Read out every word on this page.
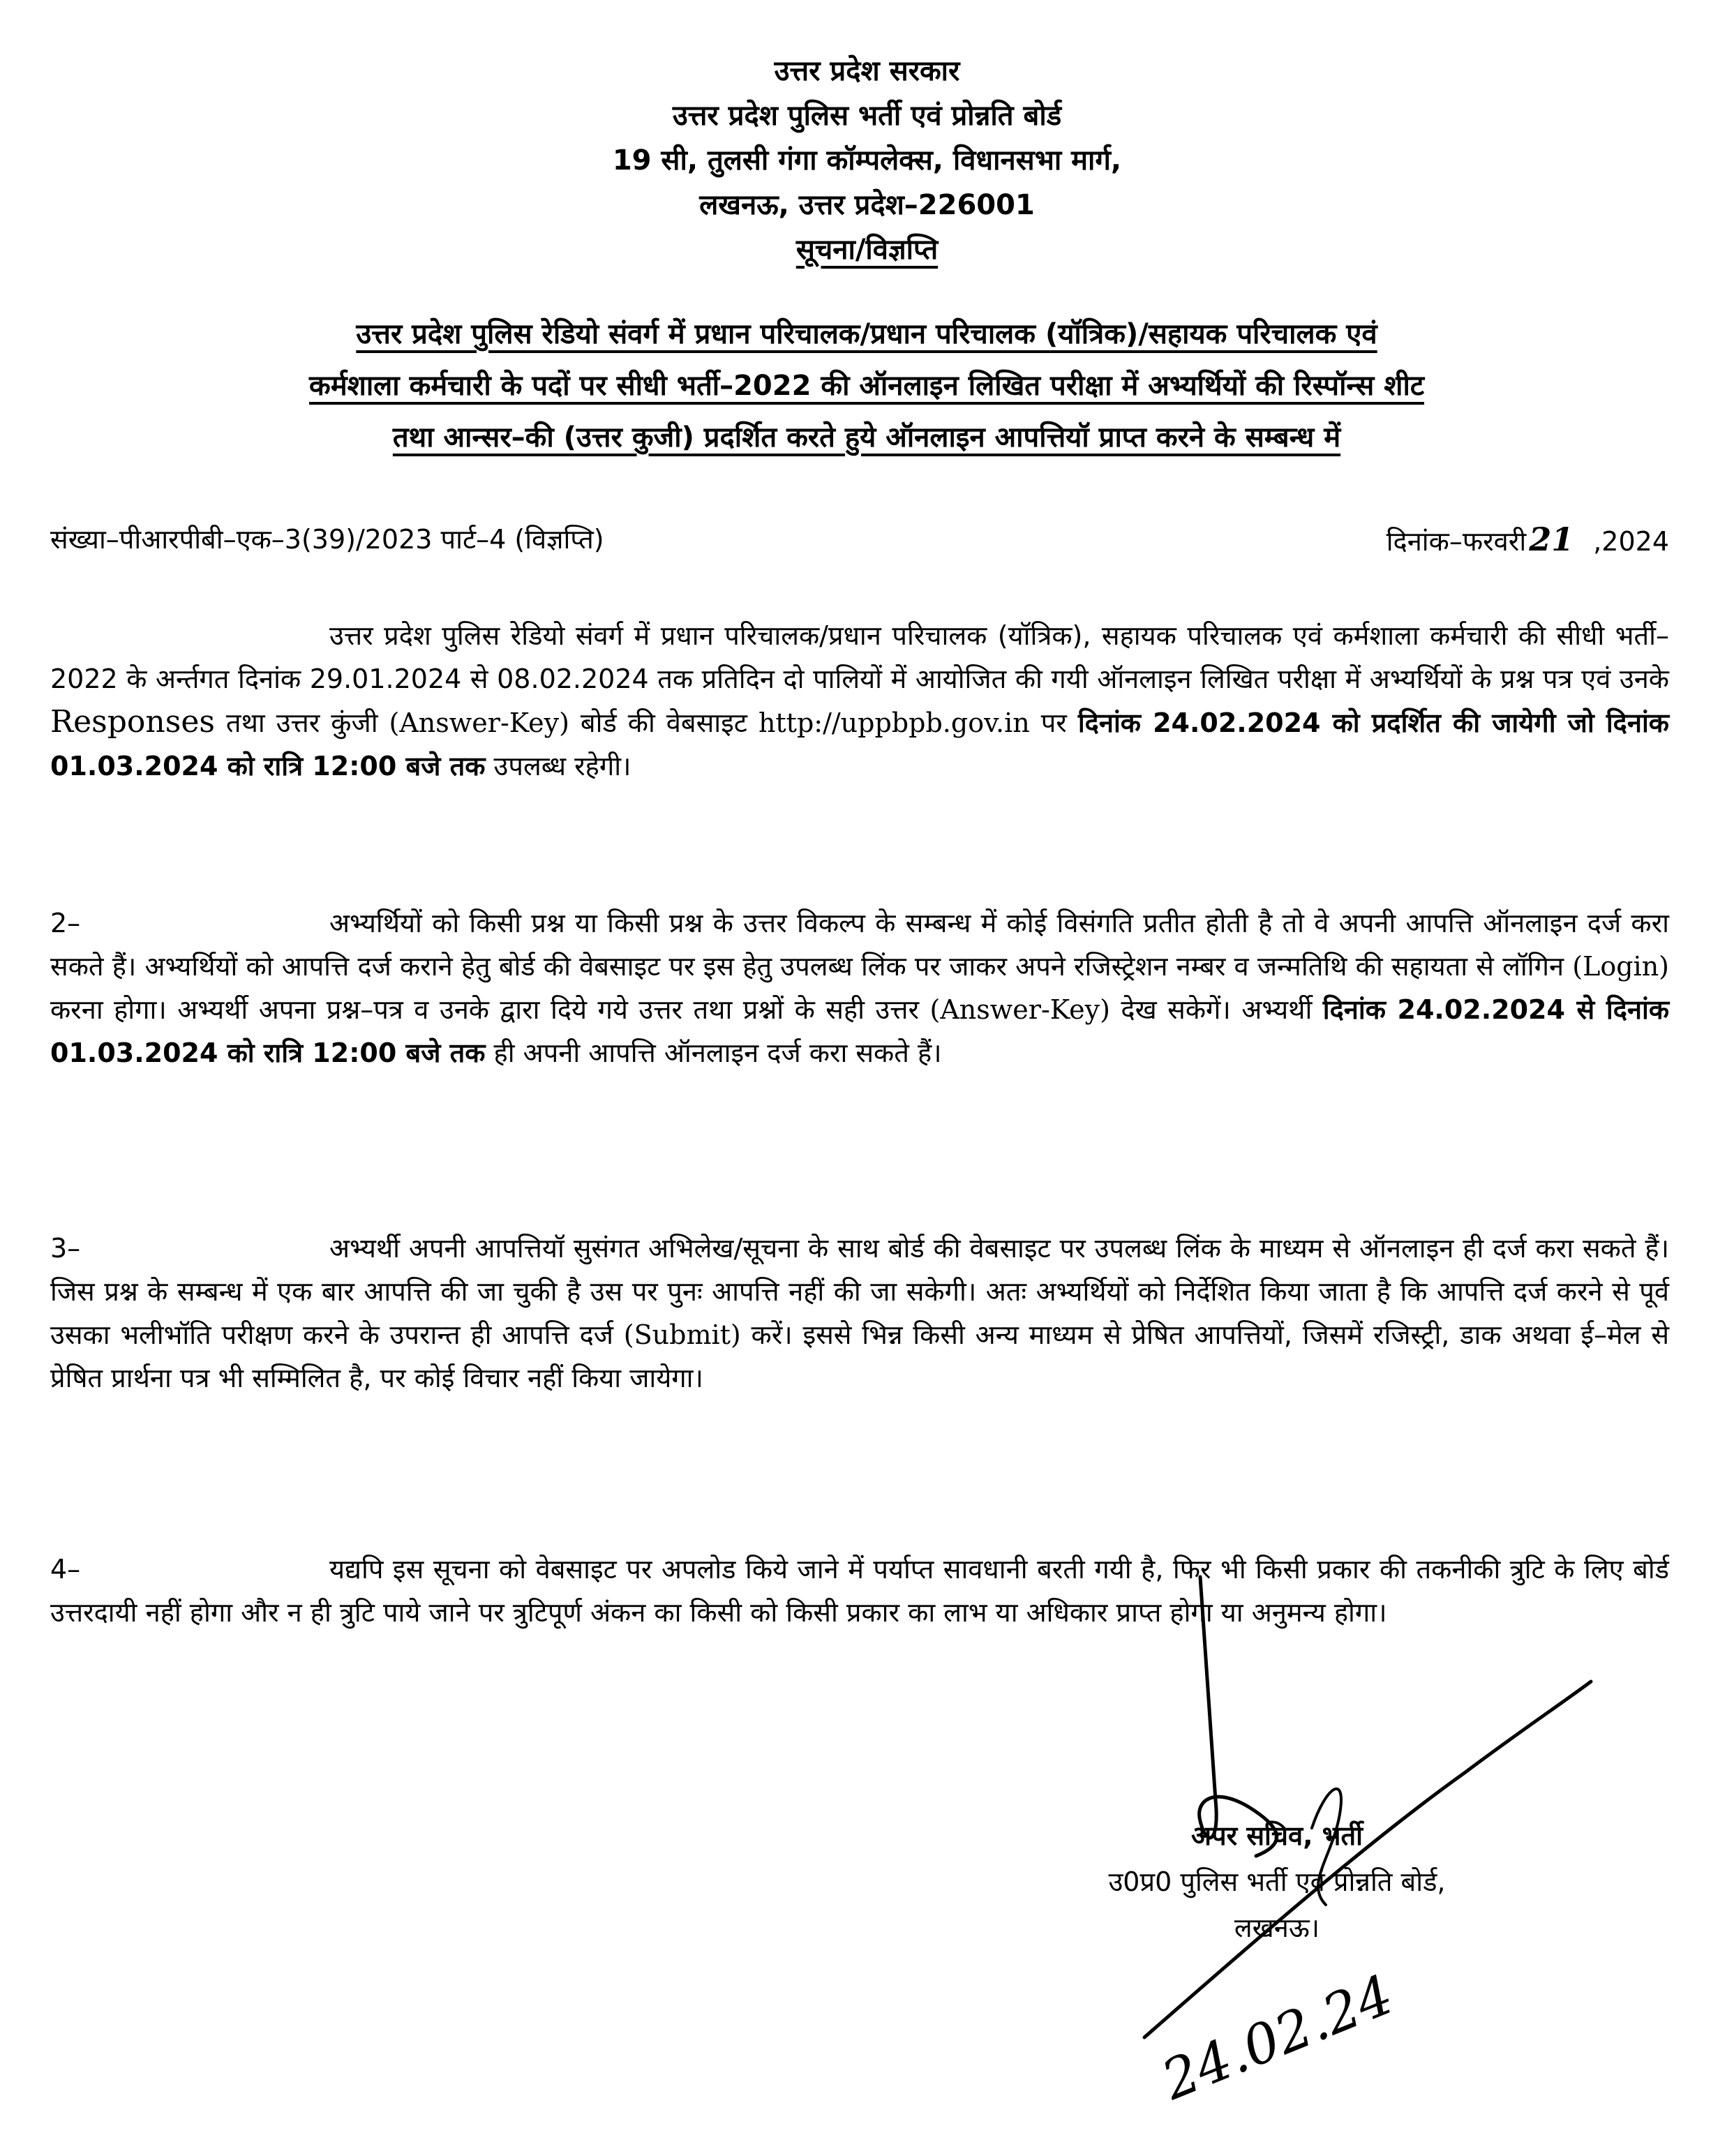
उत्तर प्रदेश सरकार
उत्तर प्रदेश पुलिस भर्ती एवं प्रोन्नति बोर्ड
19 सी, तुलसी गंगा कॉम्पलेक्स, विधानसभा मार्ग,
लखनऊ, उत्तर प्रदेश–226001
सूचना/विज्ञप्ति
उत्तर प्रदेश पुलिस रेडियो संवर्ग में प्रधान परिचालक/प्रधान परिचालक (यॉत्रिक)/सहायक परिचालक एवं
कर्मशाला कर्मचारी के पदों पर सीधी भर्ती–2022 की ऑनलाइन लिखित परीक्षा में अभ्यर्थियों की रिस्पॉन्स शीट
तथा आन्सर–की (उत्तर कुजी) प्रदर्शित करते हुये ऑनलाइन आपत्तियॉ प्राप्त करने के सम्बन्ध में
संख्या–पीआरपीबी–एक–3(39)/2023 पार्ट–4 (विज्ञप्ति)	दिनांक–फरवरी21 ,2024
उत्तर प्रदेश पुलिस रेडियो संवर्ग में प्रधान परिचालक/प्रधान परिचालक (यॉत्रिक), सहायक परिचालक एवं कर्मशाला कर्मचारी की सीधी भर्ती–2022 के अर्न्तगत दिनांक 29.01.2024 से 08.02.2024 तक प्रतिदिन दो पालियों में आयोजित की गयी ऑनलाइन लिखित परीक्षा में अभ्यर्थियों के प्रश्न पत्र एवं उनके Responses तथा उत्तर कुंजी (Answer-Key) बोर्ड की वेबसाइट http://uppbpb.gov.in पर दिनांक 24.02.2024 को प्रदर्शित की जायेगी जो दिनांक 01.03.2024 को रात्रि 12:00 बजे तक उपलब्ध रहेगी।
2–	अभ्यर्थियों को किसी प्रश्न या किसी प्रश्न के उत्तर विकल्प के सम्बन्ध में कोई विसंगति प्रतीत होती है तो वे अपनी आपत्ति ऑनलाइन दर्ज करा सकते हैं। अभ्यर्थियों को आपत्ति दर्ज कराने हेतु बोर्ड की वेबसाइट पर इस हेतु उपलब्ध लिंक पर जाकर अपने रजिस्ट्रेशन नम्बर व जन्मतिथि की सहायता से लॉगिन (Login) करना होगा। अभ्यर्थी अपना प्रश्न–पत्र व उनके द्वारा दिये गये उत्तर तथा प्रश्नों के सही उत्तर (Answer-Key) देख सकेगें। अभ्यर्थी दिनांक 24.02.2024 से दिनांक 01.03.2024 को रात्रि 12:00 बजे तक ही अपनी आपत्ति ऑनलाइन दर्ज करा सकते हैं।
3–	अभ्यर्थी अपनी आपत्तियॉ सुसंगत अभिलेख/सूचना के साथ बोर्ड की वेबसाइट पर उपलब्ध लिंक के माध्यम से ऑनलाइन ही दर्ज करा सकते हैं। जिस प्रश्न के सम्बन्ध में एक बार आपत्ति की जा चुकी है उस पर पुनः आपत्ति नहीं की जा सकेगी। अतः अभ्यर्थियों को निर्देशित किया जाता है कि आपत्ति दर्ज करने से पूर्व उसका भलीभॉति परीक्षण करने के उपरान्त ही आपत्ति दर्ज (Submit) करें। इससे भिन्न किसी अन्य माध्यम से प्रेषित आपत्तियों, जिसमें रजिस्ट्री, डाक अथवा ई–मेल से प्रेषित प्रार्थना पत्र भी सम्मिलित है, पर कोई विचार नहीं किया जायेगा।
4–	यद्यपि इस सूचना को वेबसाइट पर अपलोड किये जाने में पर्याप्त सावधानी बरती गयी है, फिर भी किसी प्रकार की तकनीकी त्रुटि के लिए बोर्ड उत्तरदायी नहीं होगा और न ही त्रुटि पाये जाने पर त्रुटिपूर्ण अंकन का किसी को किसी प्रकार का लाभ या अधिकार प्राप्त होगा या अनुमन्य होगा।
अपर सचिव, भर्ती
उ0प्र0 पुलिस भर्ती एवं प्रोन्नति बोर्ड,
लखनऊ।
24.02.24
